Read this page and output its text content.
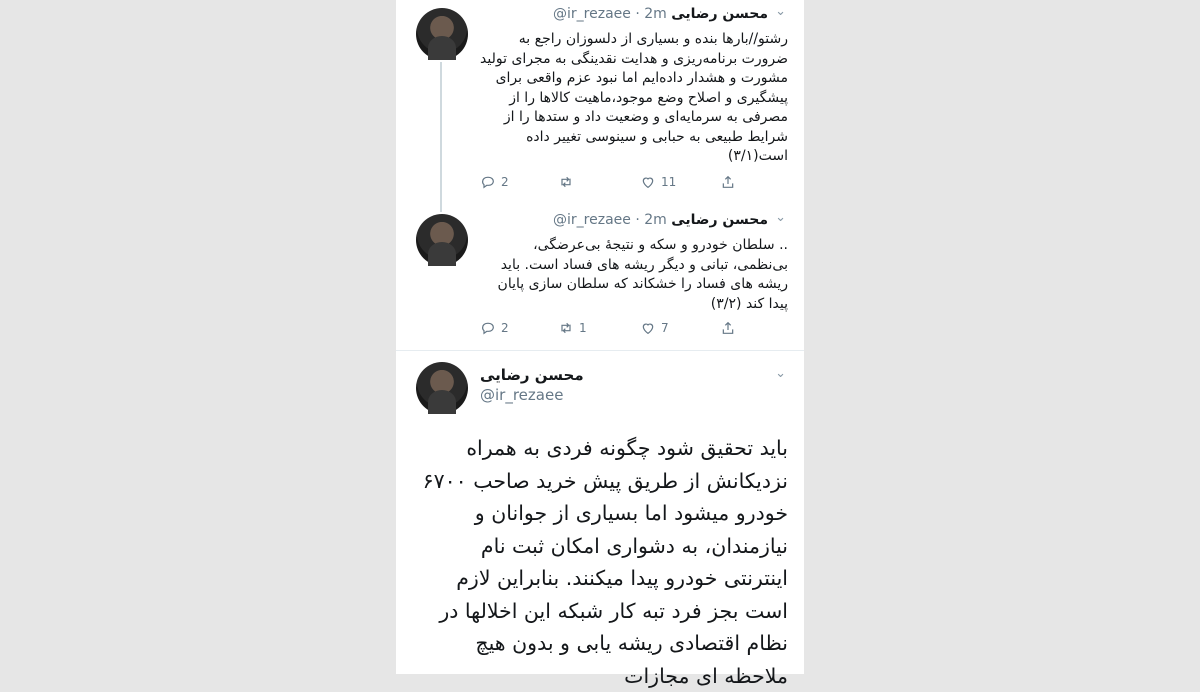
⌄
محسن رضایی @ir_rezaee · 2m
رشتو//بارها بنده و بسیاری از دلسوزان راجع به ضرورت برنامه‌ریزی و هدایت نقدینگی به مجرای تولید مشورت و هشدار داده‌ایم اما نبود عزم واقعی برای پیشگیری و اصلاح وضع موجود،ماهیت کالاها را از مصرفی به سرمایه‌ای و وضعیت داد و ستدها را از شرایط طبیعی به حبابی و سینوسی تغییر داده است(۳/۱)
2	11
⌄
محسن رضایی @ir_rezaee · 2m
.. سلطان خودرو و سکه و نتیجهٔ بی‌عرضگی، بی‌نظمی، تبانی و دیگر ریشه های فساد است. باید ریشه های فساد را خشکاند که سلطان سازی پایان پیدا کند (۳/۲)
2	1	7
⌄
محسن رضایی
@ir_rezaee
باید تحقیق شود چگونه فردی به همراه نزدیکانش از طریق پیش خرید صاحب ۶۷۰۰ خودرو میشود اما بسیاری از جوانان و نیازمندان، به دشواری امکان ثبت نام اینترنتی خودرو پیدا میکنند. بنابراین لازم است بجز فرد تبه کار شبکه این اخلالها در نظام اقتصادی ریشه یابی و بدون هیچ ملاحظه ای مجازات
